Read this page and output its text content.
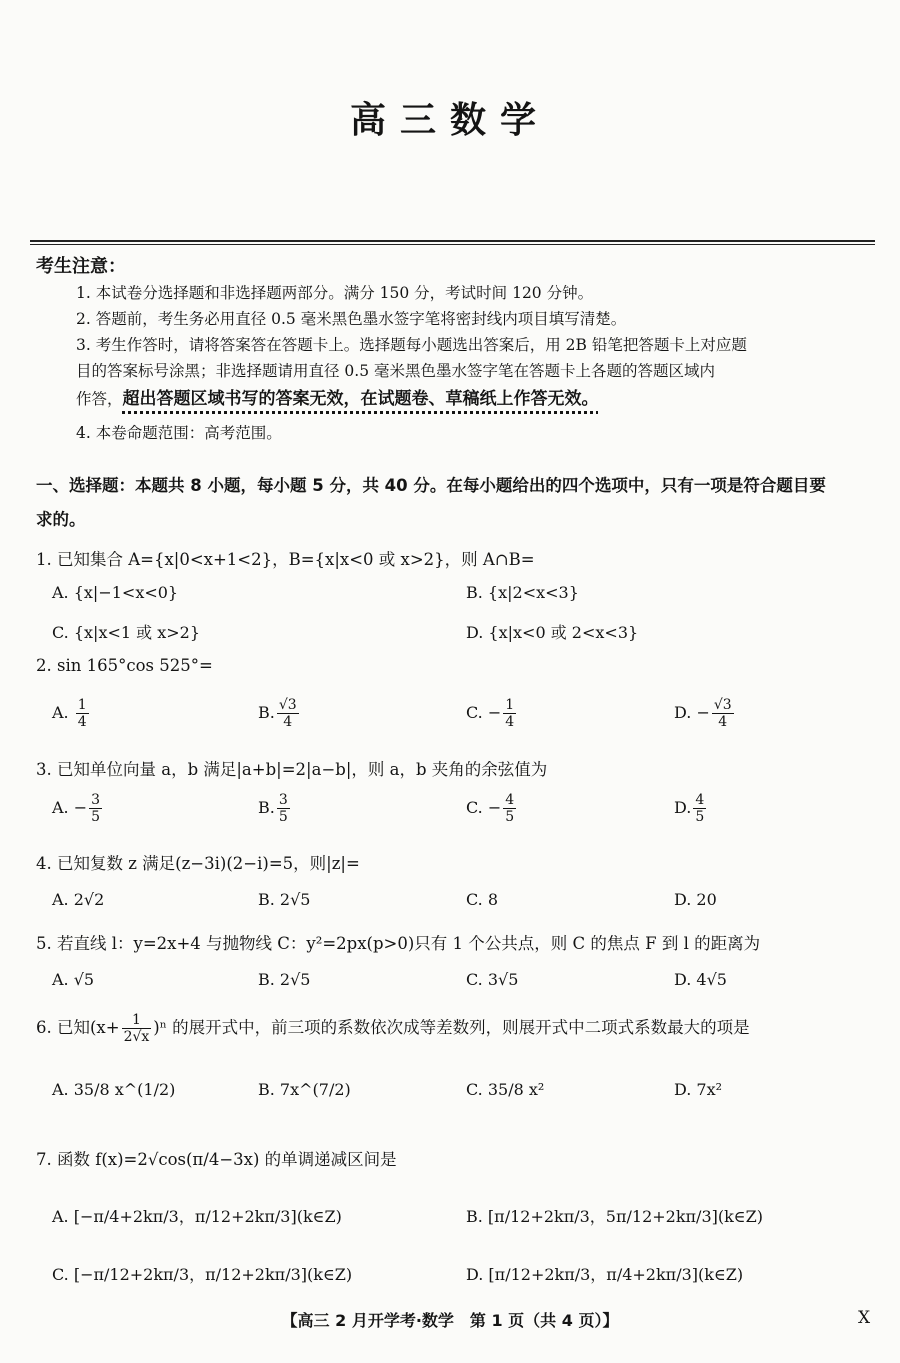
高三数学
考生注意：
1. 本试卷分选择题和非选择题两部分。满分 150 分，考试时间 120 分钟。
2. 答题前，考生务必用直径 0.5 毫米黑色墨水签字笔将密封线内项目填写清楚。
3. 考生作答时，请将答案答在答题卡上。选择题每小题选出答案后，用 2B 铅笔把答题卡上对应题
目的答案标号涂黑；非选择题请用直径 0.5 毫米黑色墨水签字笔在答题卡上各题的答题区域内
作答，超出答题区域书写的答案无效，在试题卷、草稿纸上作答无效。
4. 本卷命题范围：高考范围。
一、选择题：本题共 8 小题，每小题 5 分，共 40 分。在每小题给出的四个选项中，只有一项是符合题目要
求的。
1. 已知集合 A={x|0<x+1<2}，B={x|x<0 或 x>2}，则 A∩B=
A. {x|−1<x<0}	B. {x|2<x<3}
C. {x|x<1 或 x>2}	D. {x|x<0 或 2<x<3}
2. sin 165°cos 525°=
A. $\frac{1}{4}$	B. $\frac{√3}{4}$	C. − $\frac{1}{4}$	D. − $\frac{√3}{4}$
3. 已知单位向量 a，b 满足|a+b|=2|a−b|，则 a，b 夹角的余弦值为
A. − $\frac{3}{5}$	B. $\frac{3}{5}$	C. − $\frac{4}{5}$	D. $\frac{4}{5}$
4. 已知复数 z 满足(z−3i)(2−i)=5，则|z|=
A. 2√2	B. 2√5	C. 8	D. 20
5. 若直线 l：y=2x+4 与抛物线 C：y²=2px(p>0)只有 1 个公共点，则 C 的焦点 F 到 l 的距离为
A. √5	B. 2√5	C. 3√5	D. 4√5
6. 已知$(x+ \frac{1}{2√x} )^n$ 的展开式中，前三项的系数依次成等差数列，则展开式中二项式系数最大的项是
A. 35/8 x^(1/2)	B. 7x^(7/2)	C. 35/8 x²	D. 7x²
7. 函数 f(x)=2√cos(π/4−3x) 的单调递减区间是
A. [−π/4+2kπ/3，π/12+2kπ/3](k∈Z)	B. [π/12+2kπ/3，5π/12+2kπ/3](k∈Z)
C. [−π/12+2kπ/3，π/12+2kπ/3](k∈Z)	D. [π/12+2kπ/3，π/4+2kπ/3](k∈Z)
【高三 2 月开学考·数学　第 1 页（共 4 页）】	X
